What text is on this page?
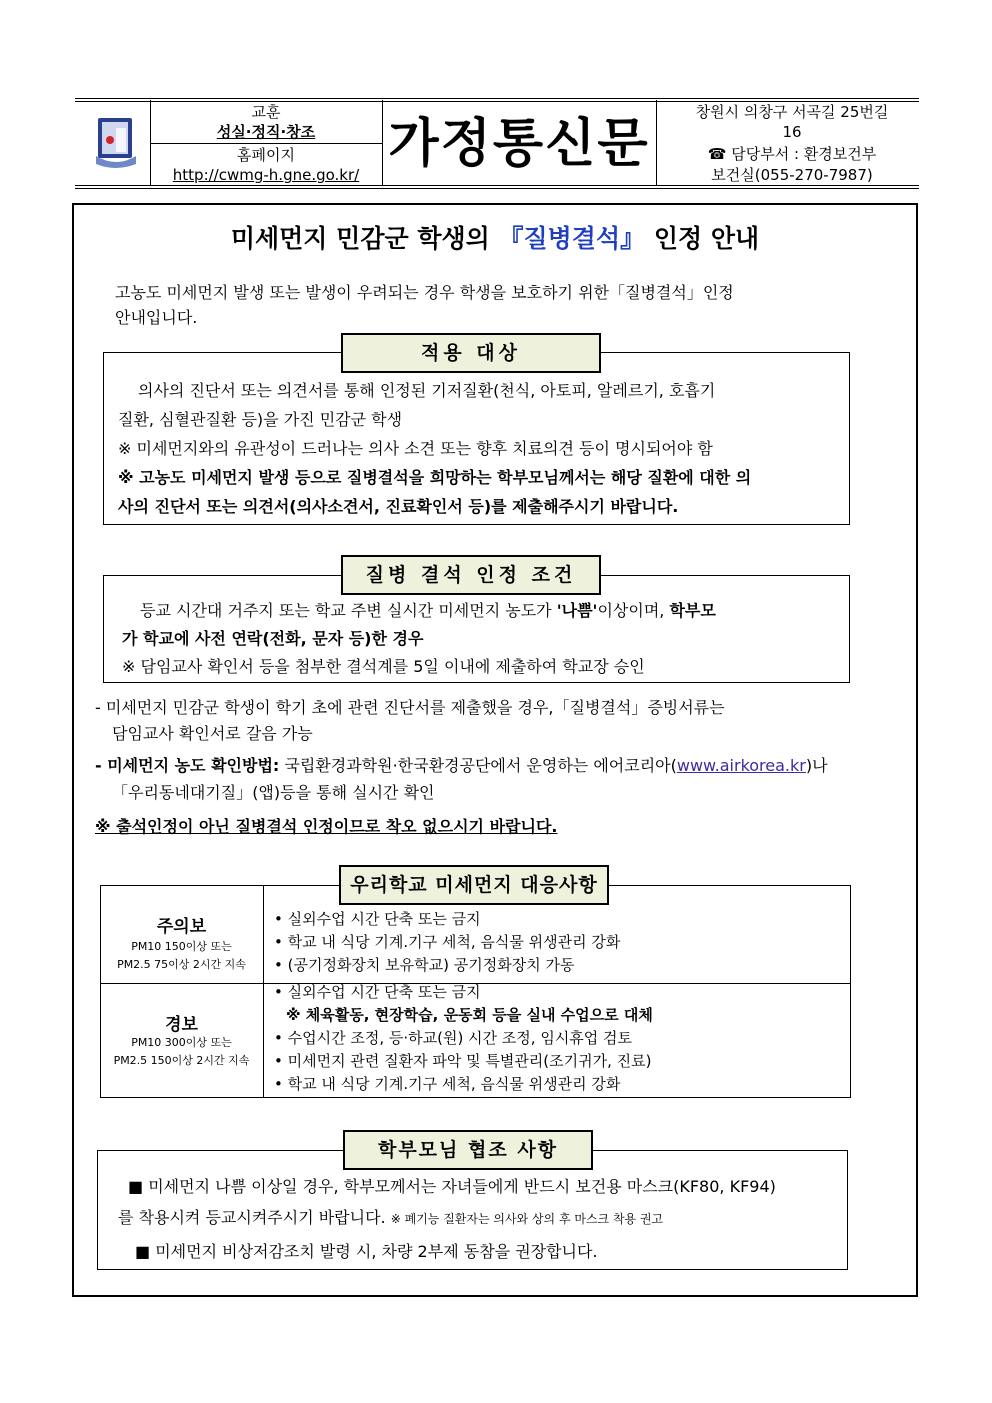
교훈
성실·정직·창조
홈페이지
http://cwmg-h.gne.go.kr/
가정통신문
창원시 의창구 서곡길 25번길
16
☎ 담당부서 : 환경보건부
보건실(055-270-7987)
미세먼지 민감군 학생의 『질병결석』 인정 안내
고농도 미세먼지 발생 또는 발생이 우려되는 경우 학생을 보호하기 위한「질병결석」인정
안내입니다.
적용 대상
의사의 진단서 또는 의견서를 통해 인정된 기저질환(천식, 아토피, 알레르기, 호흡기
질환, 심혈관질환 등)을 가진 민감군 학생
※ 미세먼지와의 유관성이 드러나는 의사 소견 또는 향후 치료의견 등이 명시되어야 함
※ 고농도 미세먼지 발생 등으로 질병결석을 희망하는 학부모님께서는 해당 질환에 대한 의
사의 진단서 또는 의견서(의사소견서, 진료확인서 등)를 제출해주시기 바랍니다.
질병 결석 인정 조건
등교 시간대 거주지 또는 학교 주변 실시간 미세먼지 농도가 '나쁨'이상이며, 학부모
가 학교에 사전 연락(전화, 문자 등)한 경우
※ 담임교사 확인서 등을 첨부한 결석계를 5일 이내에 제출하여 학교장 승인
- 미세먼지 민감군 학생이 학기 초에 관련 진단서를 제출했을 경우,「질병결석」증빙서류는
담임교사 확인서로 갈음 가능
- 미세먼지 농도 확인방법: 국립환경과학원·한국환경공단에서 운영하는 에어코리아(www.airkorea.kr)나
「우리동네대기질」(앱)등을 통해 실시간 확인
※ 출석인정이 아닌 질병결석 인정이므로 착오 없으시기 바랍니다.
우리학교 미세먼지 대응사항
주의보
PM10 150이상 또는
PM2.5 75이상 2시간 지속
• 실외수업 시간 단축 또는 금지
• 학교 내 식당 기계.기구 세척, 음식물 위생관리 강화
• (공기정화장치 보유학교) 공기정화장치 가동
경보
PM10 300이상 또는
PM2.5 150이상 2시간 지속
• 실외수업 시간 단축 또는 금지
※ 체육활동, 현장학습, 운동회 등을 실내 수업으로 대체
• 수업시간 조정, 등·하교(원) 시간 조정, 임시휴업 검토
• 미세먼지 관련 질환자 파악 및 특별관리(조기귀가, 진료)
• 학교 내 식당 기계.기구 세척, 음식물 위생관리 강화
학부모님 협조 사항
■ 미세먼지 나쁨 이상일 경우, 학부모께서는 자녀들에게 반드시 보건용 마스크(KF80, KF94)
를 착용시켜 등교시켜주시기 바랍니다. ※ 폐기능 질환자는 의사와 상의 후 마스크 착용 권고
■ 미세먼지 비상저감조치 발령 시, 차량 2부제 동참을 권장합니다.
